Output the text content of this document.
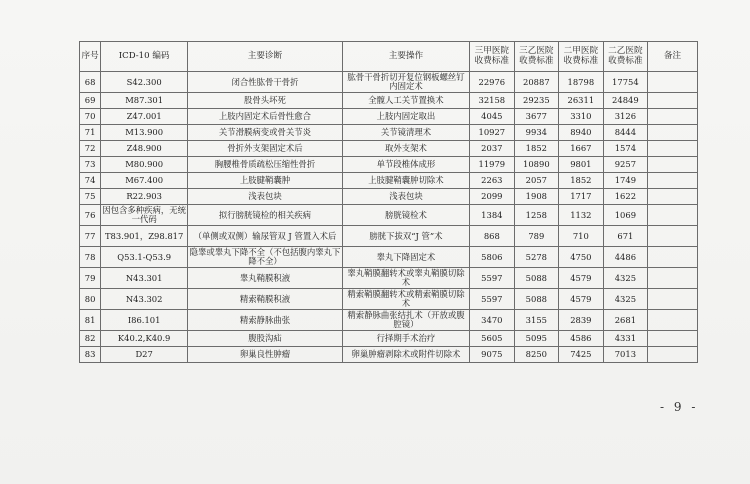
序号	ICD-10 编码	主要诊断	主要操作	三甲医院收费标准	三乙医院收费标准	二甲医院收费标准	二乙医院收费标准	备注
68	S42.300	闭合性肱骨干骨折	肱骨干骨折切开复位钢板螺丝钉内固定术	22976	20887	18798	17754	
69	M87.301	股骨头坏死	全髋人工关节置换术	32158	29235	26311	24849	
70	Z47.001	上肢内固定术后骨性愈合	上肢内固定取出	4045	3677	3310	3126	
71	M13.900	关节滑膜病变或骨关节炎	关节镜清理术	10927	9934	8940	8444	
72	Z48.900	骨折外支架固定术后	取外支架术	2037	1852	1667	1574	
73	M80.900	胸腰椎骨质疏松压缩性骨折	单节段椎体成形	11979	10890	9801	9257	
74	M67.400	上肢腱鞘囊肿	上肢腱鞘囊肿切除术	2263	2057	1852	1749	
75	R22.903	浅表包块	浅表包块	2099	1908	1717	1622	
76	因包含多种疾病，无统一代码	拟行膀胱镜检的相关疾病	膀胱镜检术	1384	1258	1132	1069	
77	T83.901，Z98.817	（单侧或双侧）输尿管双 J 管置入术后	膀胱下拔双“J 管”术	868	789	710	671	
78	Q53.1-Q53.9	隐睾或睾丸下降不全（不包括腹内睾丸下降不全）	睾丸下降固定术	5806	5278	4750	4486	
79	N43.301	睾丸鞘膜积液	睾丸鞘膜翻转术或睾丸鞘膜切除术	5597	5088	4579	4325	
80	N43.302	精索鞘膜积液	精索鞘膜翻转术或精索鞘膜切除术	5597	5088	4579	4325	
81	I86.101	精索静脉曲张	精索静脉曲张结扎术（开放或腹腔镜）	3470	3155	2839	2681	
82	K40.2,K40.9	腹股沟疝	行择期手术治疗	5605	5095	4586	4331	
83	D27	卵巢良性肿瘤	卵巢肿瘤剥除术或附件切除术	9075	8250	7425	7013	
- 9 -
